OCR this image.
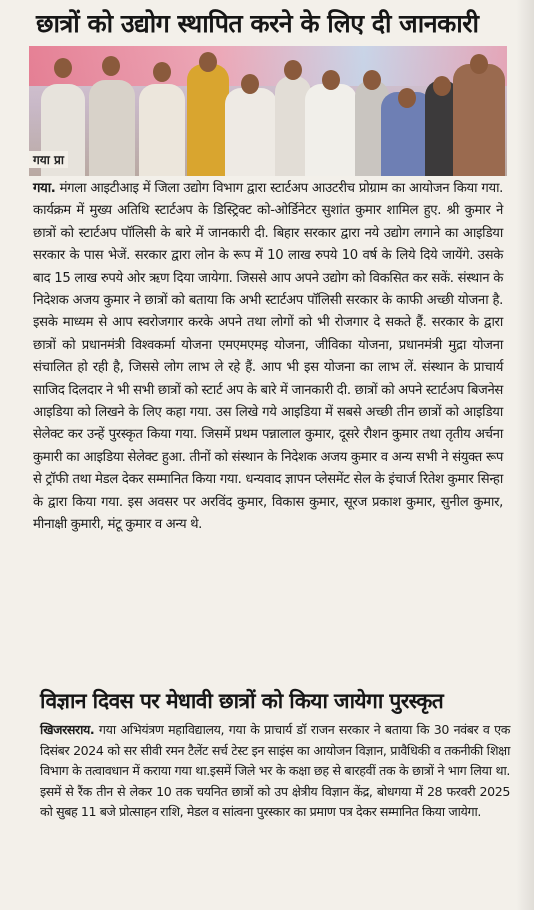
छात्रों को उद्योग स्थापित करने के लिए दी जानकारी
गया प्रा
गया. मंगला आइटीआइ में जिला उद्योग विभाग द्वारा स्टार्टअप आउटरीच प्रोग्राम का आयोजन किया गया. कार्यक्रम में मुख्य अतिथि स्टार्टअप के डिस्ट्रिक्ट को-ओर्डिनेटर सुशांत कुमार शामिल हुए. श्री कुमार ने छात्रों को स्टार्टअप पॉलिसी के बारे में जानकारी दी. बिहार सरकार द्वारा नये उद्योग लगाने का आइडिया सरकार के पास भेजें. सरकार द्वारा लोन के रूप में 10 लाख रुपये 10 वर्ष के लिये दिये जायेंगे. उसके बाद 15 लाख रुपये ओर ऋण दिया जायेगा. जिससे आप अपने उद्योग को विकसित कर सकें. संस्थान के निदेशक अजय कुमार ने छात्रों को बताया कि अभी स्टार्टअप पॉलिसी सरकार के काफी अच्छी योजना है. इसके माध्यम से आप स्वरोजगार करके अपने तथा लोगों को भी रोजगार दे सकते हैं. सरकार के द्वारा छात्रों को प्रधानमंत्री विश्वकर्मा योजना एमएमएमइ योजना, जीविका योजना, प्रधानमंत्री मुद्रा योजना संचालित हो रही है, जिससे लोग लाभ ले रहे हैं. आप भी इस योजना का लाभ लें. संस्थान के प्राचार्य साजिद दिलदार ने भी सभी छात्रों को स्टार्ट अप के बारे में जानकारी दी. छात्रों को अपने स्टार्टअप बिजनेस आइडिया को लिखने के लिए कहा गया. उस लिखे गये आइडिया में सबसे अच्छी तीन छात्रों को आइडिया सेलेक्ट कर उन्हें पुरस्कृत किया गया. जिसमें प्रथम पन्नालाल कुमार, दूसरे रौशन कुमार तथा तृतीय अर्चना कुमारी का आइडिया सेलेक्ट हुआ. तीनों को संस्थान के निदेशक अजय कुमार व अन्य सभी ने संयुक्त रूप से ट्रॉफी तथा मेडल देकर सम्मानित किया गया. धन्यवाद ज्ञापन प्लेसमेंट सेल के इंचार्ज रितेश कुमार सिन्हा के द्वारा किया गया. इस अवसर पर अरविंद कुमार, विकास कुमार, सूरज प्रकाश कुमार, सुनील कुमार, मीनाक्षी कुमारी, मंटू कुमार व अन्य थे.
विज्ञान दिवस पर मेधावी छात्रों को किया जायेगा पुरस्कृत
खिजरसराय. गया अभियंत्रण महाविद्यालय, गया के प्राचार्य डॉ राजन सरकार ने बताया कि 30 नवंबर व एक दिसंबर 2024 को सर सीवी रमन टैलेंट सर्च टेस्ट इन साइंस का आयोजन विज्ञान, प्रावैधिकी व तकनीकी शिक्षा विभाग के तत्वावधान में कराया गया था.इसमें जिले भर के कक्षा छह से बारहवीं तक के छात्रों ने भाग लिया था. इसमें से रैंक तीन से लेकर 10 तक चयनित छात्रों को उप क्षेत्रीय विज्ञान केंद्र, बोधगया में 28 फरवरी 2025 को सुबह 11 बजे प्रोत्साहन राशि, मेडल व सांत्वना पुरस्कार का प्रमाण पत्र देकर सम्मानित किया जायेगा.
